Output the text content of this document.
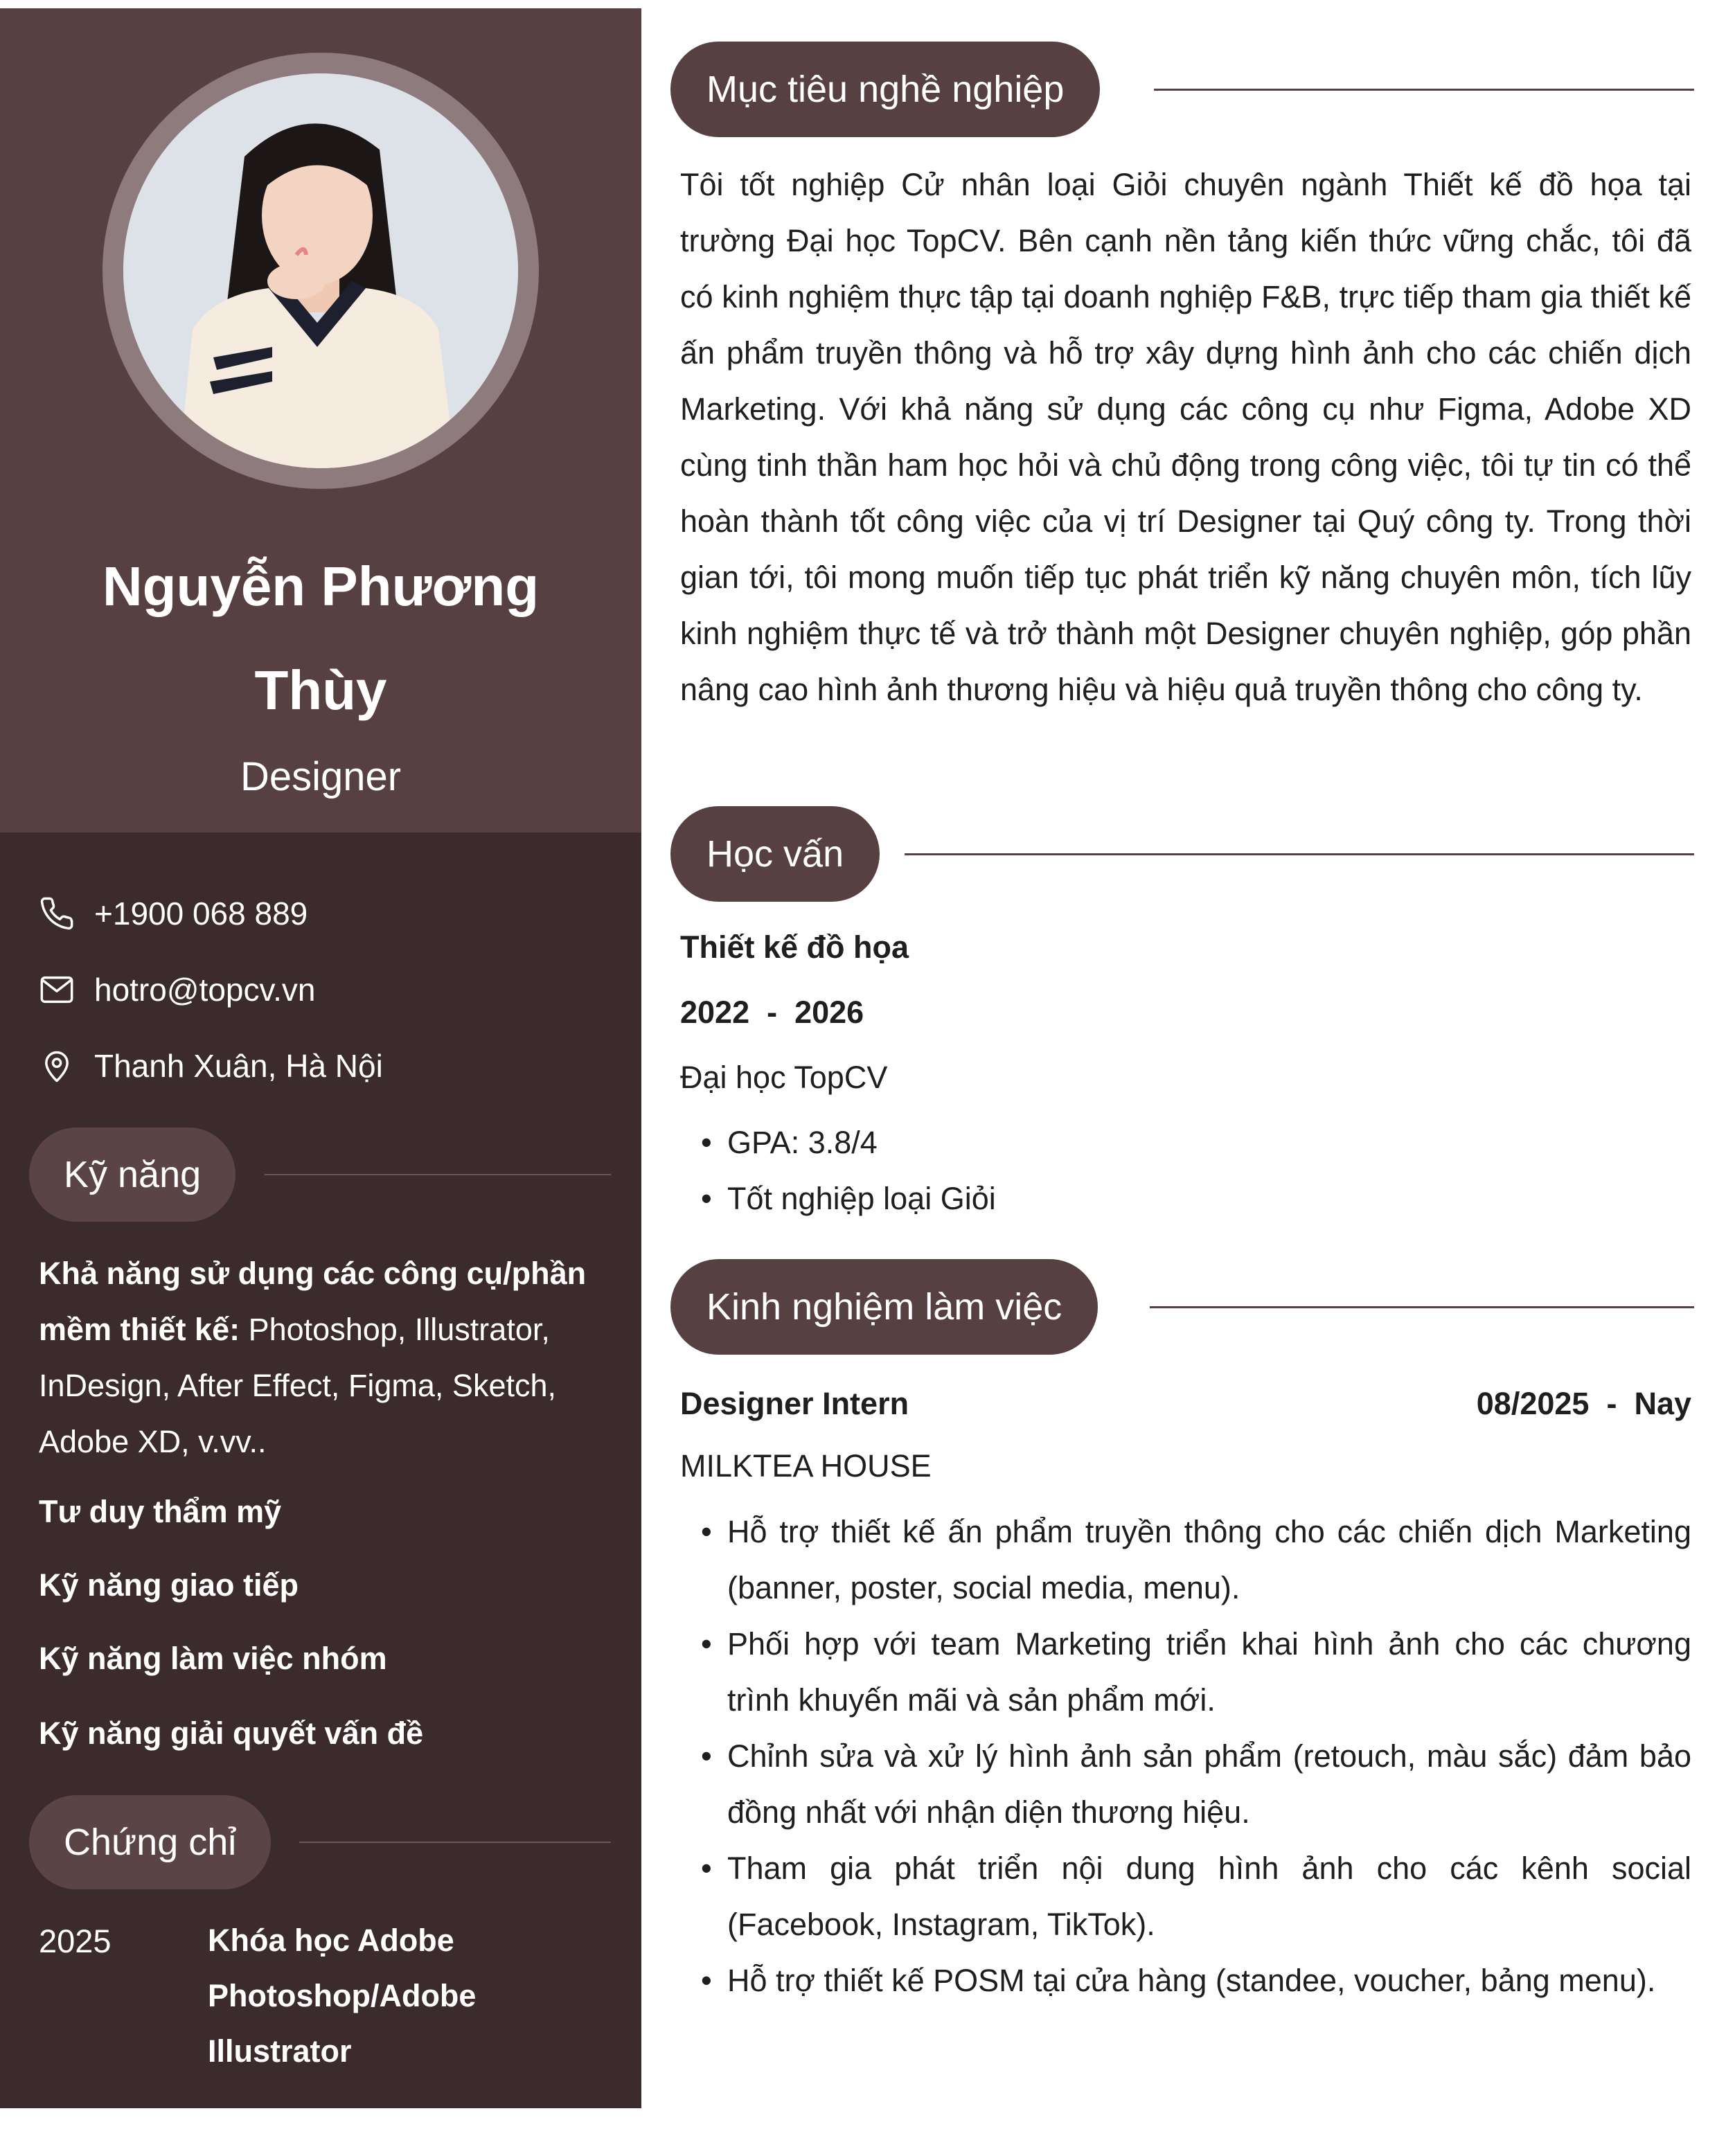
Nguyễn Phương Thùy
Designer
+1900 068 889
hotro@topcv.vn
Thanh Xuân, Hà Nội
Kỹ năng
Khả năng sử dụng các công cụ/phần mềm thiết kế: Photoshop, Illustrator, InDesign, After Effect, Figma, Sketch, Adobe XD, v.vv..
Tư duy thẩm mỹ
Kỹ năng giao tiếp
Kỹ năng làm việc nhóm
Kỹ năng giải quyết vấn đề
Chứng chỉ
2025	Khóa học Adobe Photoshop/Adobe Illustrator
Mục tiêu nghề nghiệp
Tôi tốt nghiệp Cử nhân loại Giỏi chuyên ngành Thiết kế đồ họa tại trường Đại học TopCV. Bên cạnh nền tảng kiến thức vững chắc, tôi đã có kinh nghiệm thực tập tại doanh nghiệp F&B, trực tiếp tham gia thiết kế ấn phẩm truyền thông và hỗ trợ xây dựng hình ảnh cho các chiến dịch Marketing. Với khả năng sử dụng các công cụ như Figma, Adobe XD cùng tinh thần ham học hỏi và chủ động trong công việc, tôi tự tin có thể hoàn thành tốt công việc của vị trí Designer tại Quý công ty. Trong thời gian tới, tôi mong muốn tiếp tục phát triển kỹ năng chuyên môn, tích lũy kinh nghiệm thực tế và trở thành một Designer chuyên nghiệp, góp phần nâng cao hình ảnh thương hiệu và hiệu quả truyền thông cho công ty.
Học vấn
Thiết kế đồ họa
2022  -  2026
Đại học TopCV
• GPA: 3.8/4
• Tốt nghiệp loại Giỏi
Kinh nghiệm làm việc
Designer Intern	08/2025  -  Nay
MILKTEA HOUSE
• Hỗ trợ thiết kế ấn phẩm truyền thông cho các chiến dịch Marketing (banner, poster, social media, menu).
• Phối hợp với team Marketing triển khai hình ảnh cho các chương trình khuyến mãi và sản phẩm mới.
• Chỉnh sửa và xử lý hình ảnh sản phẩm (retouch, màu sắc) đảm bảo đồng nhất với nhận diện thương hiệu.
• Tham gia phát triển nội dung hình ảnh cho các kênh social (Facebook, Instagram, TikTok).
• Hỗ trợ thiết kế POSM tại cửa hàng (standee, voucher, bảng menu).
